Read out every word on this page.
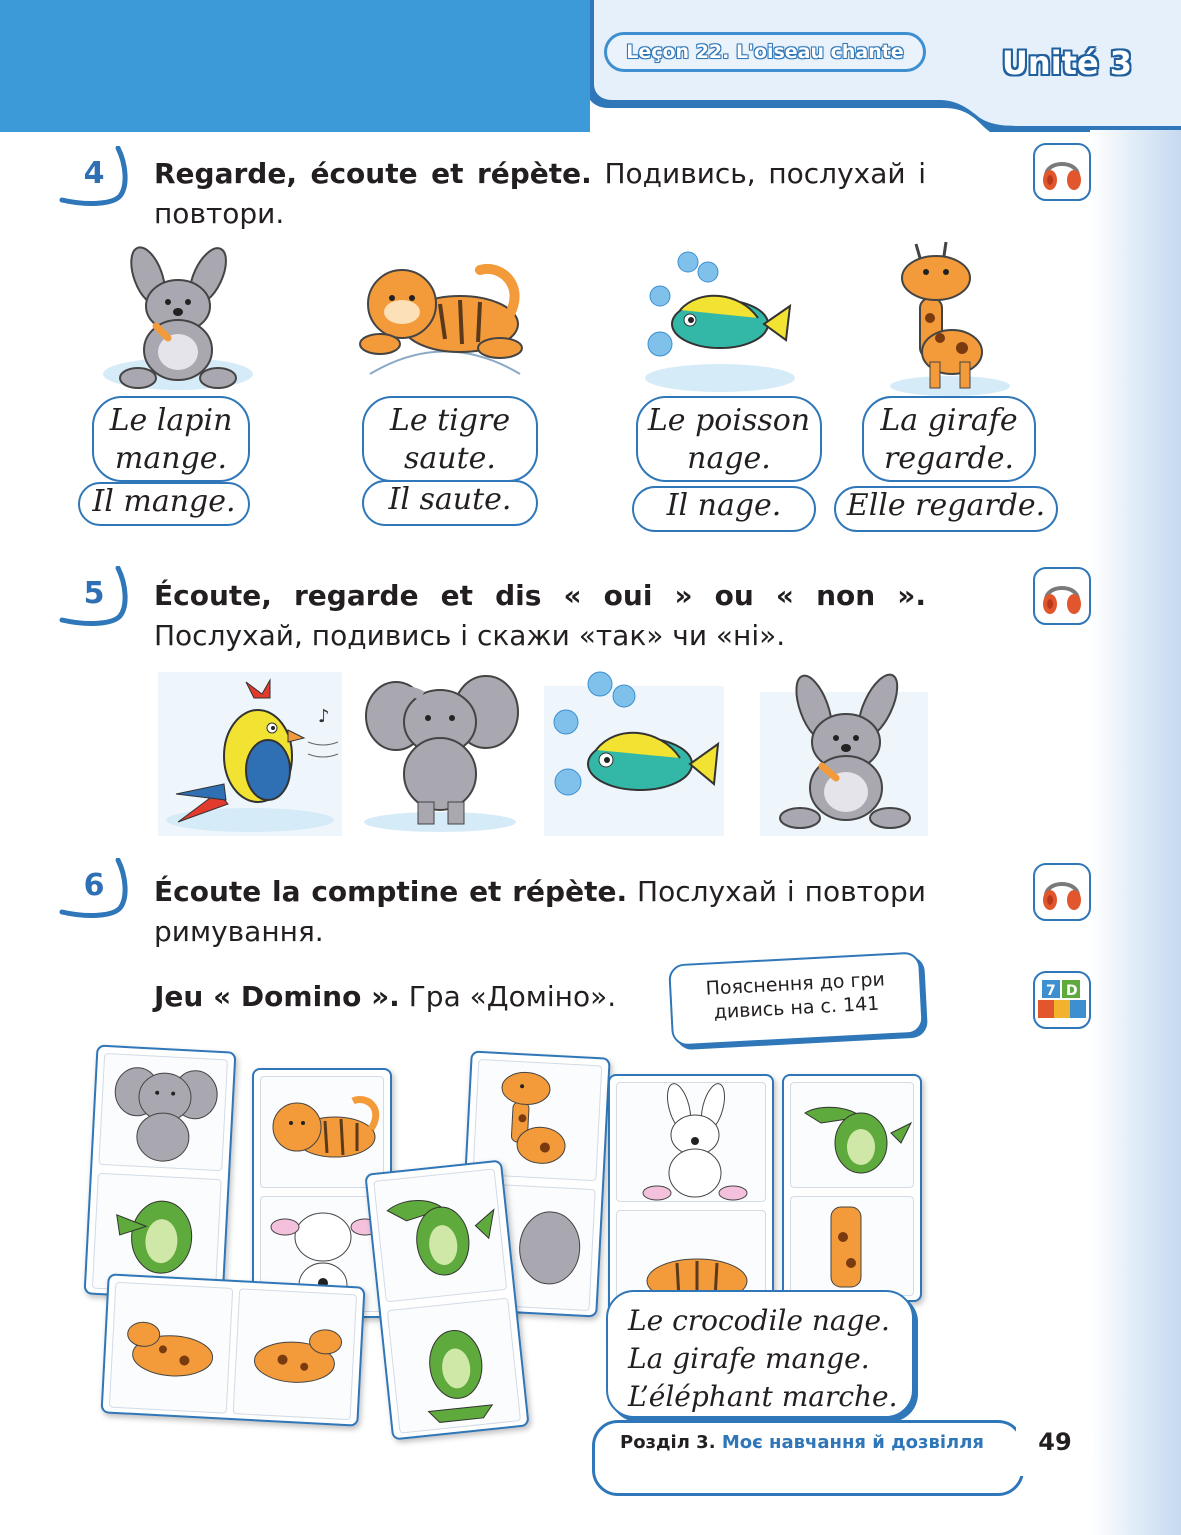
Leçon 22. L'oiseau chante	Unité 3
4	Regarde, écoute et répète. Подивись, послухай і повтори.
Le lapin
mange.
Il mange.
Le tigre
saute.
Il saute.
Le poisson
nage.
Il nage.
La girafe
regarde.
Elle regarde.
5	Écoute, regarde et dis « oui » ou « non ». Послухай, подивись і скажи «так» чи «ні».
♪
6	Écoute la comptine et répète. Послухай і повтори римування.
Jeu « Domino ». Гра «Доміно».	Пояснення до гри
дивись на с. 141
7 D
Le crocodile nage.
La girafe mange.
L’éléphant marche.
Розділ 3. Моє навчання й дозвілля	49
